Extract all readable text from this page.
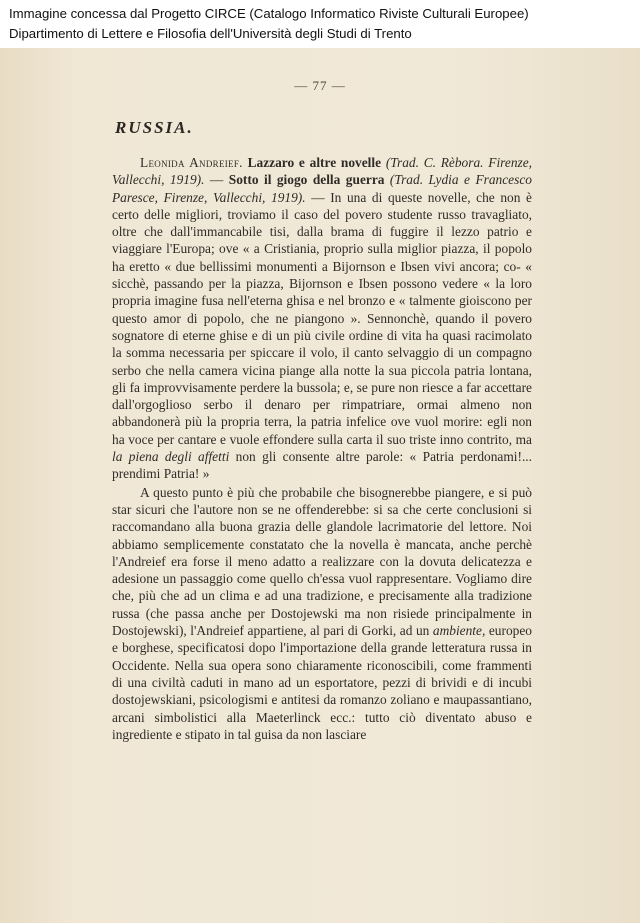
Immagine concessa dal Progetto CIRCE (Catalogo Informatico Riviste Culturali Europee)
Dipartimento di Lettere e Filosofia dell'Università degli Studi di Trento
— 77 —
RUSSIA.

Leonida Andreief. Lazzaro e altre novelle (Trad. C. Rèbora. Firenze, Vallecchi, 1919). — Sotto il giogo della guerra (Trad. Lydia e Francesco Paresce, Firenze, Vallecchi, 1919). — In una di queste novelle, che non è certo delle migliori, troviamo il caso del povero studente russo travagliato, oltre che dall'immancabile tisi, dalla brama di fuggire il lezzo patrio e viaggiare l'Europa; ove « a Cristiania, proprio sulla miglior piazza, il popolo ha eretto « due bellissimi monumenti a Bijornson e Ibsen vivi ancora; co- « sicchè, passando per la piazza, Bijornson e Ibsen possono vedere « la loro propria imagine fusa nell'eterna ghisa e nel bronzo e « talmente gioiscono per questo amor di popolo, che ne piangono ». Sennonchè, quando il povero sognatore di eterne ghise e di un più civile ordine di vita ha quasi racimolato la somma necessaria per spiccare il volo, il canto selvaggio di un compagno serbo che nella camera vicina piange alla notte la sua piccola patria lontana, gli fa improvvisamente perdere la bussola; e, se pure non riesce a far accettare dall'orgoglioso serbo il denaro per rimpatriare, ormai almeno non abbandonerà più la propria terra, la patria infelice ove vuol morire: egli non ha voce per cantare e vuole effondere sulla carta il suo triste inno contrito, ma la piena degli affetti non gli consente altre parole: « Patria perdonami!... prendimi Patria! »

A questo punto è più che probabile che bisognerebbe piangere, e si può star sicuri che l'autore non se ne offenderebbe: si sa che certe conclusioni si raccomandano alla buona grazia delle glandole lacrimatorie del lettore. Noi abbiamo semplicemente constatato che la novella è mancata, anche perchè l'Andreief era forse il meno adatto a realizzare con la dovuta delicatezza e adesione un passaggio come quello ch'essa vuol rappresentare. Vogliamo dire che, più che ad un clima e ad una tradizione, e precisamente alla tradizione russa (che passa anche per Dostojewski ma non risiede principalmente in Dostojewski), l'Andreief appartiene, al pari di Gorki, ad un ambiente, europeo e borghese, specificatosi dopo l'importazione della grande letteratura russa in Occidente. Nella sua opera sono chiaramente riconoscibili, come frammenti di una civiltà caduti in mano ad un esportatore, pezzi di brividi e di incubi dostojewskiani, psicologismi e antitesi da romanzo zoliano e maupassantiano, arcani simbolistici alla Maeterlinck ecc.: tutto ciò diventato abuso e ingrediente e stipato in tal guisa da non lasciare
